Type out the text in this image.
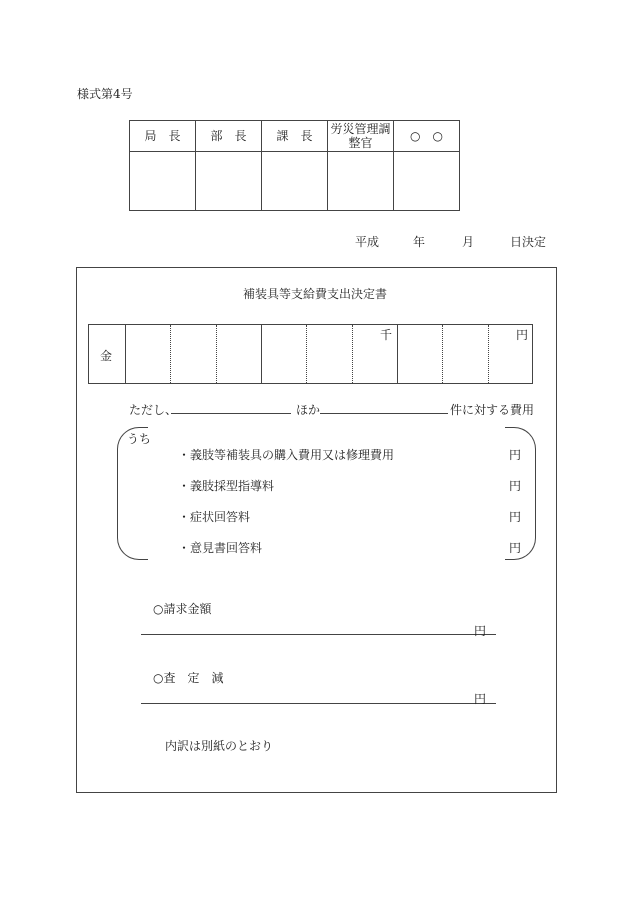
様式第4号
局　長	部　長	課　長	労災管理調整官	○　○

平成	年	月	日決定
補装具等支給費支出決定書
金
千	円
ただし、	ほか	件に対する費用
うち
・義肢等補装具の購入費用又は修理費用	円
・義肢採型指導料	円
・症状回答料	円
・意見書回答料	円
○請求金額
円
○査　定　減
円
内訳は別紙のとおり
